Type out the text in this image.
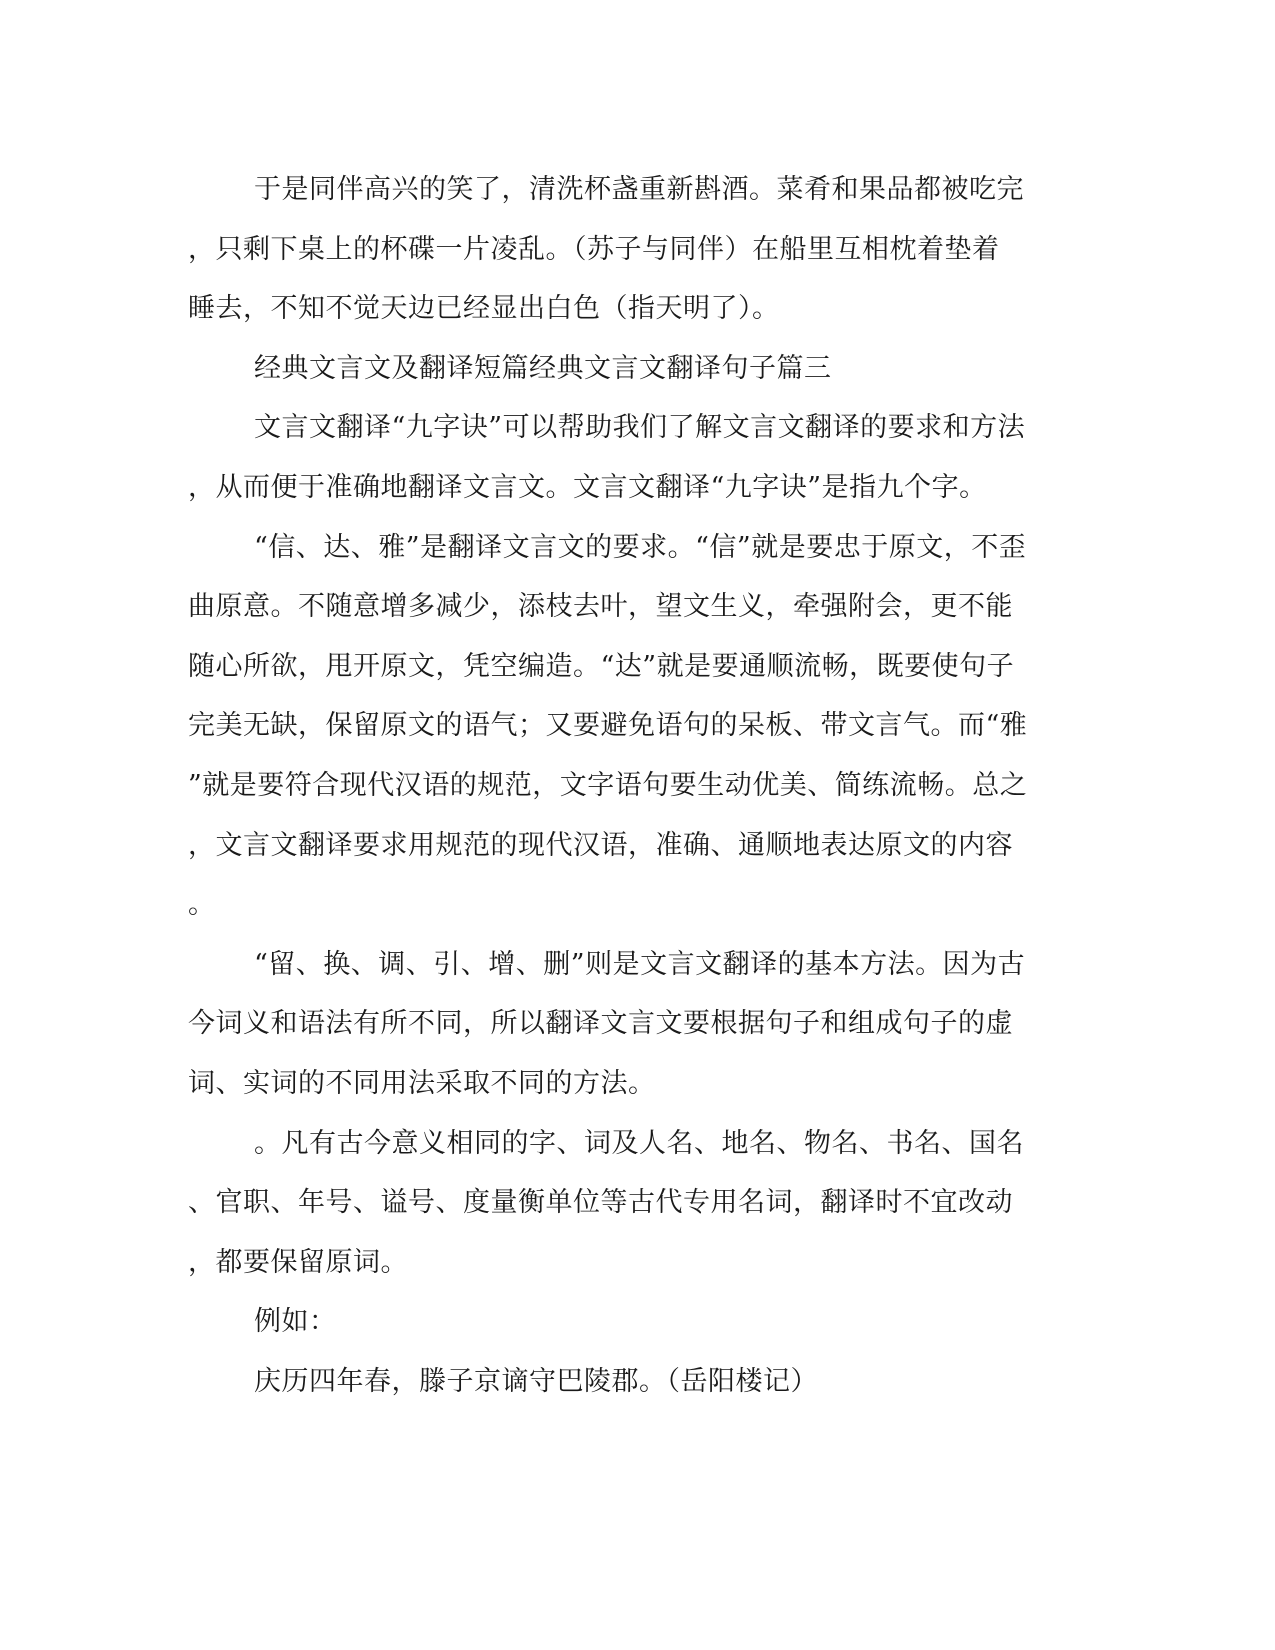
于是同伴高兴的笑了，清洗杯盏重新斟酒。菜肴和果品都被吃完
，只剩下桌上的杯碟一片凌乱。（苏子与同伴）在船里互相枕着垫着
睡去，不知不觉天边已经显出白色（指天明了）。
经典文言文及翻译短篇经典文言文翻译句子篇三
文言文翻译“九字诀”可以帮助我们了解文言文翻译的要求和方法
，从而便于准确地翻译文言文。文言文翻译“九字诀”是指九个字。
“信、达、雅”是翻译文言文的要求。“信”就是要忠于原文，不歪
曲原意。不随意增多减少，添枝去叶，望文生义，牵强附会，更不能
随心所欲，甩开原文，凭空编造。“达”就是要通顺流畅，既要使句子
完美无缺，保留原文的语气；又要避免语句的呆板、带文言气。而“雅
”就是要符合现代汉语的规范，文字语句要生动优美、简练流畅。总之
，文言文翻译要求用规范的现代汉语，准确、通顺地表达原文的内容
。
“留、换、调、引、增、删”则是文言文翻译的基本方法。因为古
今词义和语法有所不同，所以翻译文言文要根据句子和组成句子的虚
词、实词的不同用法采取不同的方法。
。凡有古今意义相同的字、词及人名、地名、物名、书名、国名
、官职、年号、谥号、度量衡单位等古代专用名词，翻译时不宜改动
，都要保留原词。
例如：
庆历四年春，滕子京谪守巴陵郡。（岳阳楼记）
